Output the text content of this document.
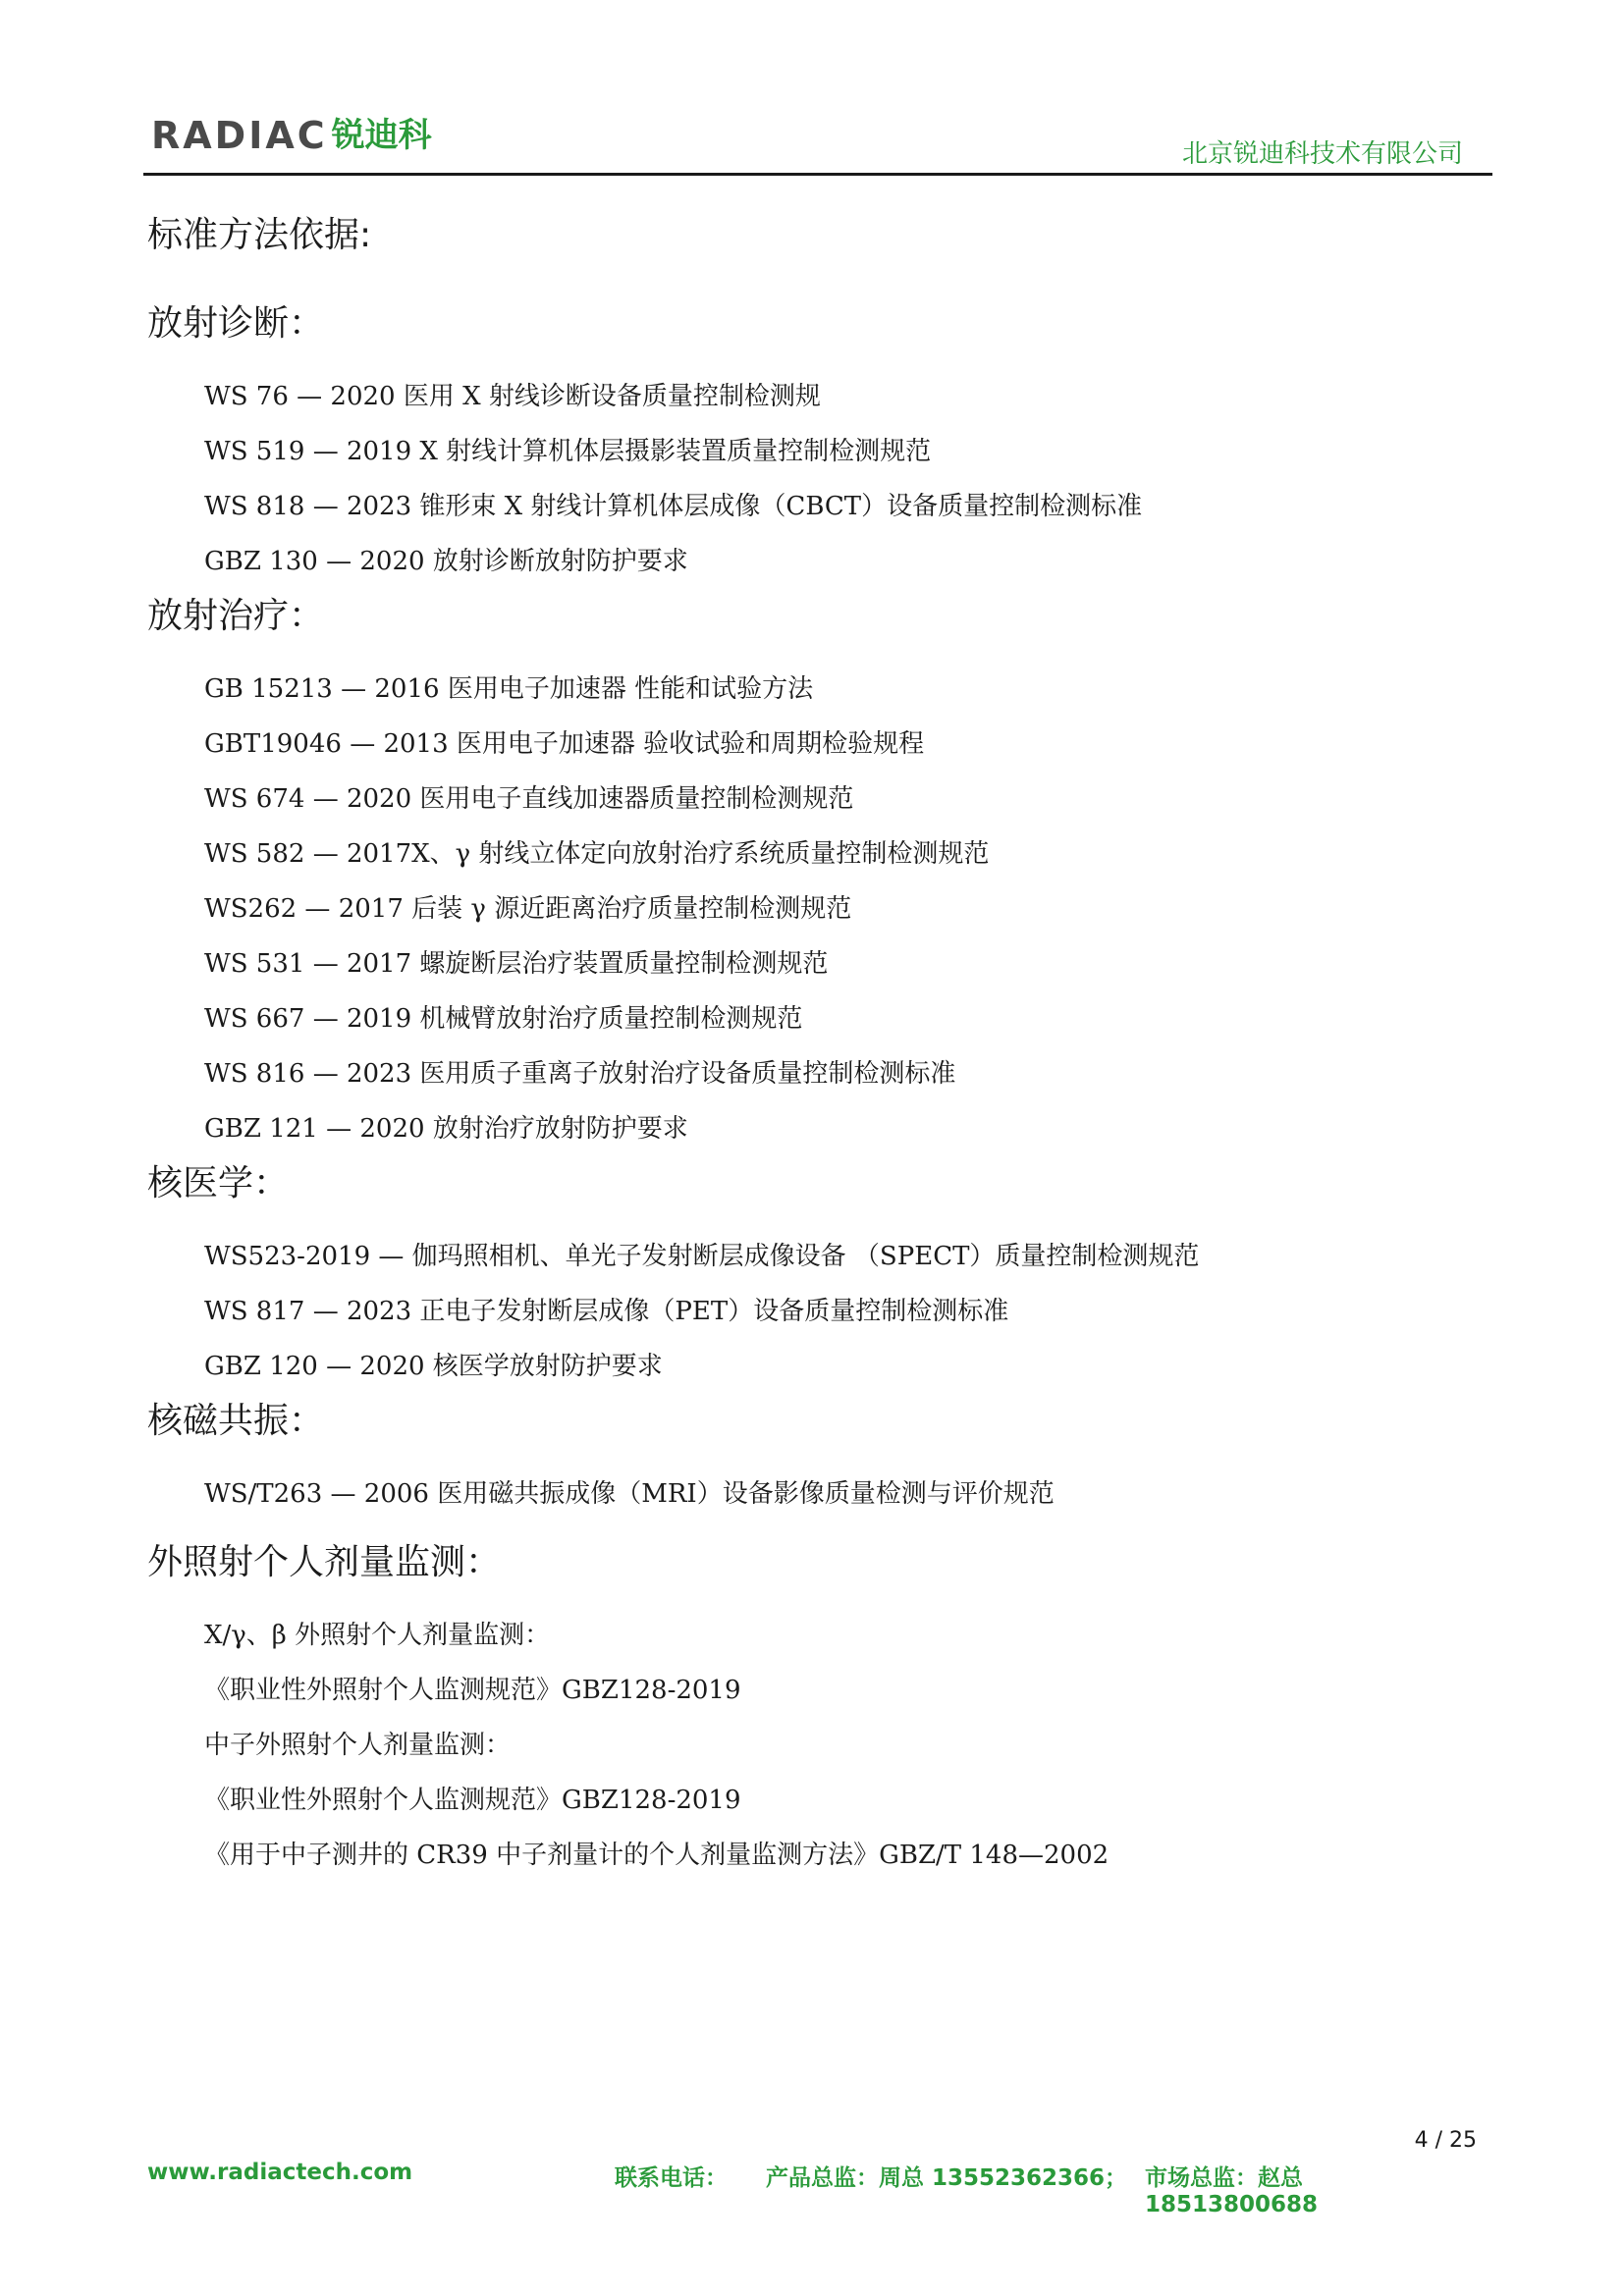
RADIAC 锐迪科	北京锐迪科技术有限公司
标准方法依据:
放射诊断：
WS 76 — 2020 医用 X 射线诊断设备质量控制检测规
WS 519 — 2019 X 射线计算机体层摄影装置质量控制检测规范
WS 818 — 2023 锥形束 X 射线计算机体层成像（CBCT）设备质量控制检测标准
GBZ 130 — 2020 放射诊断放射防护要求
放射治疗：
GB 15213 — 2016 医用电子加速器 性能和试验方法
GBT19046 — 2013 医用电子加速器 验收试验和周期检验规程
WS 674 — 2020 医用电子直线加速器质量控制检测规范
WS 582 — 2017X、γ 射线立体定向放射治疗系统质量控制检测规范
WS262 — 2017 后装 γ 源近距离治疗质量控制检测规范
WS 531 — 2017 螺旋断层治疗装置质量控制检测规范
WS 667 — 2019 机械臂放射治疗质量控制检测规范
WS 816 — 2023 医用质子重离子放射治疗设备质量控制检测标准
GBZ 121 — 2020 放射治疗放射防护要求
核医学：
WS523-2019 — 伽玛照相机、单光子发射断层成像设备 （SPECT）质量控制检测规范
WS 817 — 2023 正电子发射断层成像（PET）设备质量控制检测标准
GBZ 120 — 2020 核医学放射防护要求
核磁共振：
WS/T263 — 2006 医用磁共振成像（MRI）设备影像质量检测与评价规范
外照射个人剂量监测：
X/γ、β 外照射个人剂量监测：
《职业性外照射个人监测规范》GBZ128-2019
中子外照射个人剂量监测：
《职业性外照射个人监测规范》GBZ128-2019
《用于中子测井的 CR39 中子剂量计的个人剂量监测方法》GBZ/T 148—2002
4 / 25
www.radiactech.com	联系电话： 产品总监：周总 13552362366； 市场总监：赵总 18513800688
